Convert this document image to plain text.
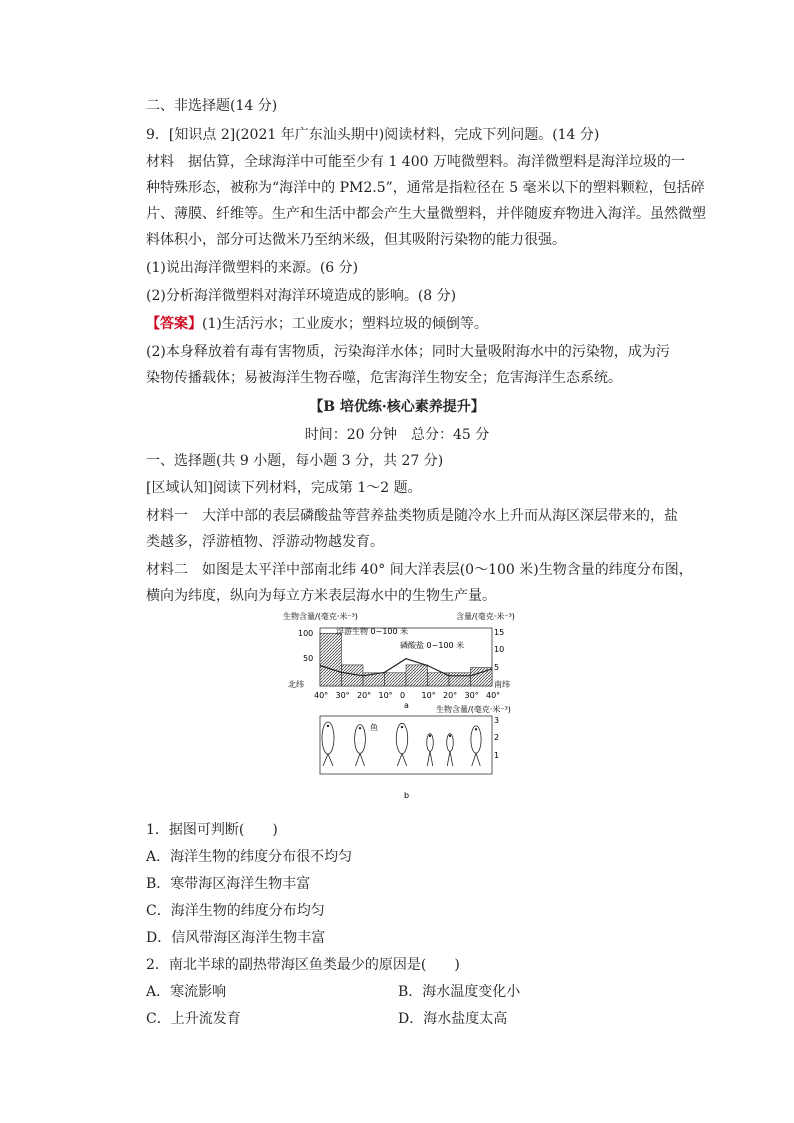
二、非选择题(14 分)
9．[知识点 2](2021 年广东汕头期中)阅读材料，完成下列问题。(14 分)
材料　据估算，全球海洋中可能至少有 1 400 万吨微塑料。海洋微塑料是海洋垃圾的一
种特殊形态，被称为“海洋中的 PM2.5”，通常是指粒径在 5 毫米以下的塑料颗粒，包括碎
片、薄膜、纤维等。生产和生活中都会产生大量微塑料，并伴随废弃物进入海洋。虽然微塑
料体积小，部分可达微米乃至纳米级，但其吸附污染物的能力很强。
(1)说出海洋微塑料的来源。(6 分)
(2)分析海洋微塑料对海洋环境造成的影响。(8 分)
【答案】(1)生活污水；工业废水；塑料垃圾的倾倒等。
(2)本身释放着有毒有害物质，污染海洋水体；同时大量吸附海水中的污染物，成为污
染物传播载体；易被海洋生物吞噬，危害海洋生物安全；危害海洋生态系统。
【B 培优练·核心素养提升】
时间：20 分钟　总分：45 分
一、选择题(共 9 小题，每小题 3 分，共 27 分)
[区域认知]阅读下列材料，完成第 1～2 题。
材料一　大洋中部的表层磷酸盐等营养盐类物质是随冷水上升而从海区深层带来的，盐
类越多，浮游植物、浮游动物越发育。
材料二　如图是太平洋中部南北纬 40° 间大洋表层(0～100 米)生物含量的纬度分布图，
横向为纬度，纵向为每立方米表层海水中的生物生产量。
生物含量/(毫克·米⁻³)	含量/(毫克·米⁻³)
100
50
15
10
5
浮游生物 0~100 米
磷酸盐 0~100 米
北纬	南纬
40° 30° 20° 10° 0 10° 20° 30° 40°
a	生物含量/(毫克·米⁻³)
3
2
1
鱼
b
1．据图可判断(　　)
A．海洋生物的纬度分布很不均匀
B．寒带海区海洋生物丰富
C．海洋生物的纬度分布均匀
D．信风带海区海洋生物丰富
2．南北半球的副热带海区鱼类最少的原因是(　　)
A．寒流影响	B．海水温度变化小
C．上升流发育	D．海水盐度太高
